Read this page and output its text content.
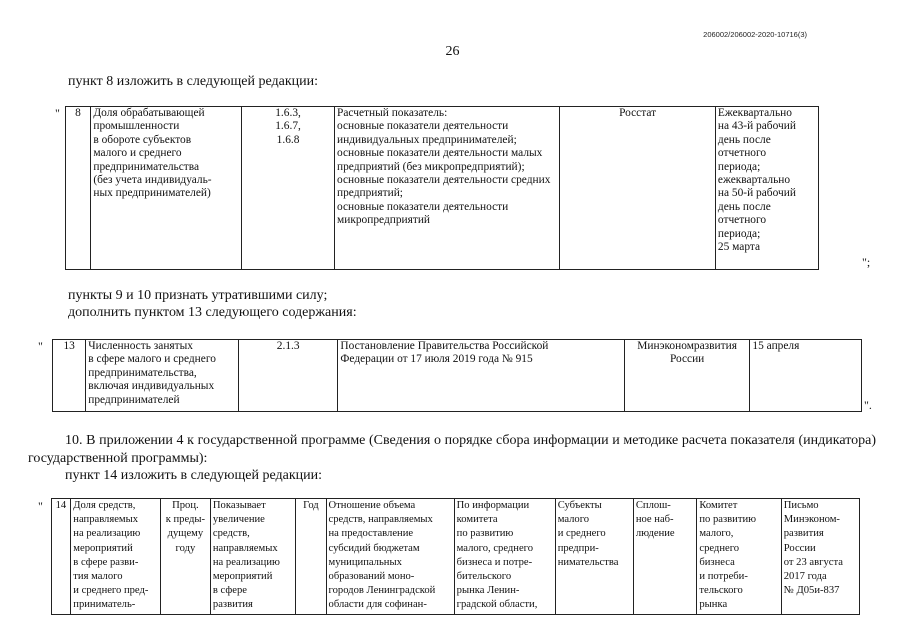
206002/206002-2020-10716(3)
26
пункт 8 изложить в следующей редакции:
"	8	Доля обрабатывающей
промышленности
в обороте субъектов
малого и среднего
предпринимательства
(без учета индивидуаль-
ных предпринимателей)	1.6.3,
1.6.7,
1.6.8	Расчетный показатель:
основные показатели деятельности
индивидуальных предпринимателей;
основные показатели деятельности малых
предприятий (без микропредприятий);
основные показатели деятельности средних
предприятий;
основные показатели деятельности
микропредприятий	Росстат	Ежеквартально
на 43-й рабочий
день после
отчетного
периода;
ежеквартально
на 50-й рабочий
день после
отчетного
периода;
25 марта
";
пункты 9 и 10 признать утратившими силу;
дополнить пунктом 13 следующего содержания:
"	13	Численность занятых
в сфере малого и среднего
предпринимательства,
включая индивидуальных
предпринимателей	2.1.3	Постановление Правительства Российской
Федерации от 17 июля 2019 года № 915	Минэкономразвития
России	15 апреля
".
10. В приложении 4 к государственной программе (Сведения о порядке сбора информации и методике расчета показателя (индикатора) государственной программы):
пункт 14 изложить в следующей редакции:
"	14	Доля средств,
направляемых
на реализацию
мероприятий
в сфере разви-
тия малого
и среднего пред-
приниматель-	Проц.
к преды-
дущему
году	Показывает
увеличение
средств,
направляемых
на реализацию
мероприятий
в сфере
развития	Год	Отношение объема
средств, направляемых
на предоставление
субсидий бюджетам
муниципальных
образований моно-
городов Ленинградской
области для софинан-	По информации
комитета
по развитию
малого, среднего
бизнеса и потре-
бительского
рынка Ленин-
градской области,	Субъекты
малого
и среднего
предпри-
нимательства	Сплош-
ное наб-
людение	Комитет
по развитию
малого,
среднего
бизнеса
и потреби-
тельского
рынка	Письмо
Минэконом-
развития
России
от 23 августа
2017 года
№ Д05и-837
